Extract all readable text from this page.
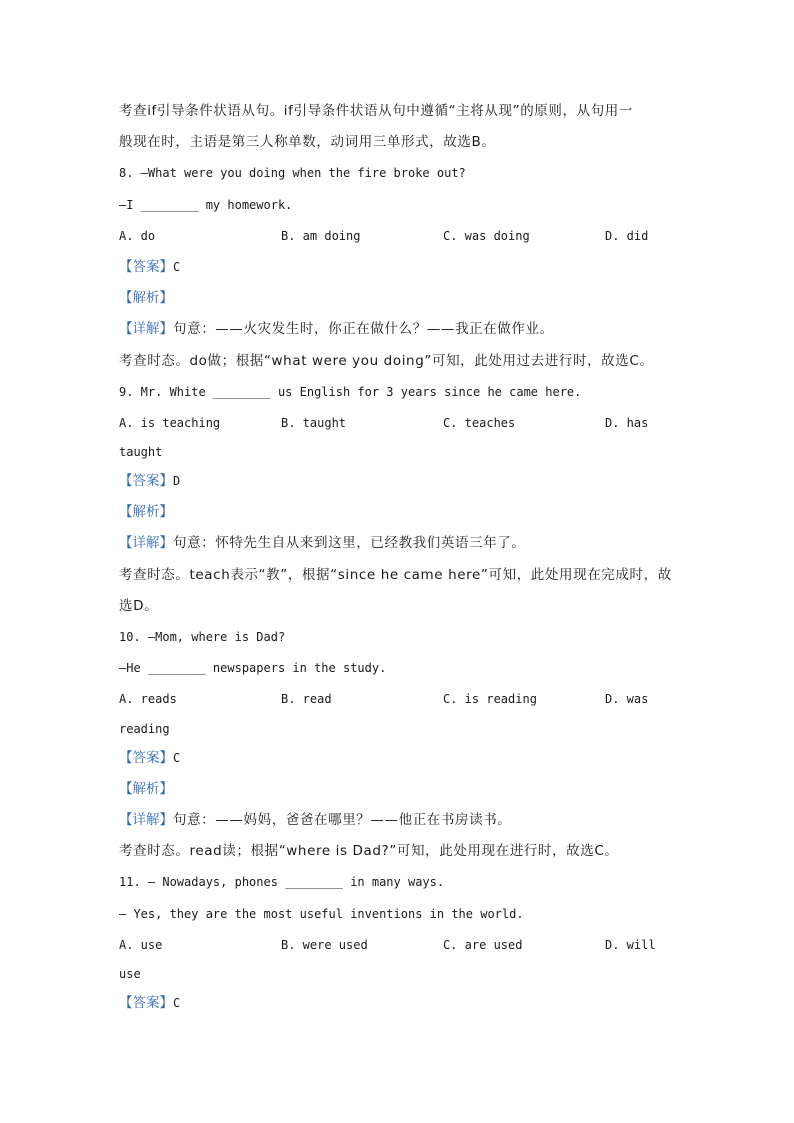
考查if引导条件状语从句。if引导条件状语从句中遵循“主将从现”的原则，从句用一
般现在时，主语是第三人称单数，动词用三单形式，故选B。
8. —What were you doing when the fire broke out?
—I ________ my homework.
A. do	B. am doing	C. was doing	D. did
【答案】C
【解析】
【详解】句意：——火灾发生时，你正在做什么？——我正在做作业。
考查时态。do做；根据“what were you doing”可知，此处用过去进行时，故选C。
9. Mr. White ________ us English for 3 years since he came here.
A. is teaching	B. taught	C. teaches	D. has
taught
【答案】D
【解析】
【详解】句意：怀特先生自从来到这里，已经教我们英语三年了。
考查时态。teach表示“教”，根据“since he came here”可知，此处用现在完成时，故
选D。
10. —Mom, where is Dad?
—He ________ newspapers in the study.
A. reads	B. read	C. is reading	D. was
reading
【答案】C
【解析】
【详解】句意：——妈妈，爸爸在哪里？——他正在书房读书。
考查时态。read读；根据“where is Dad?”可知，此处用现在进行时，故选C。
11. — Nowadays, phones ________ in many ways.
— Yes, they are the most useful inventions in the world.
A. use	B. were used	C. are used	D. will
use
【答案】C
